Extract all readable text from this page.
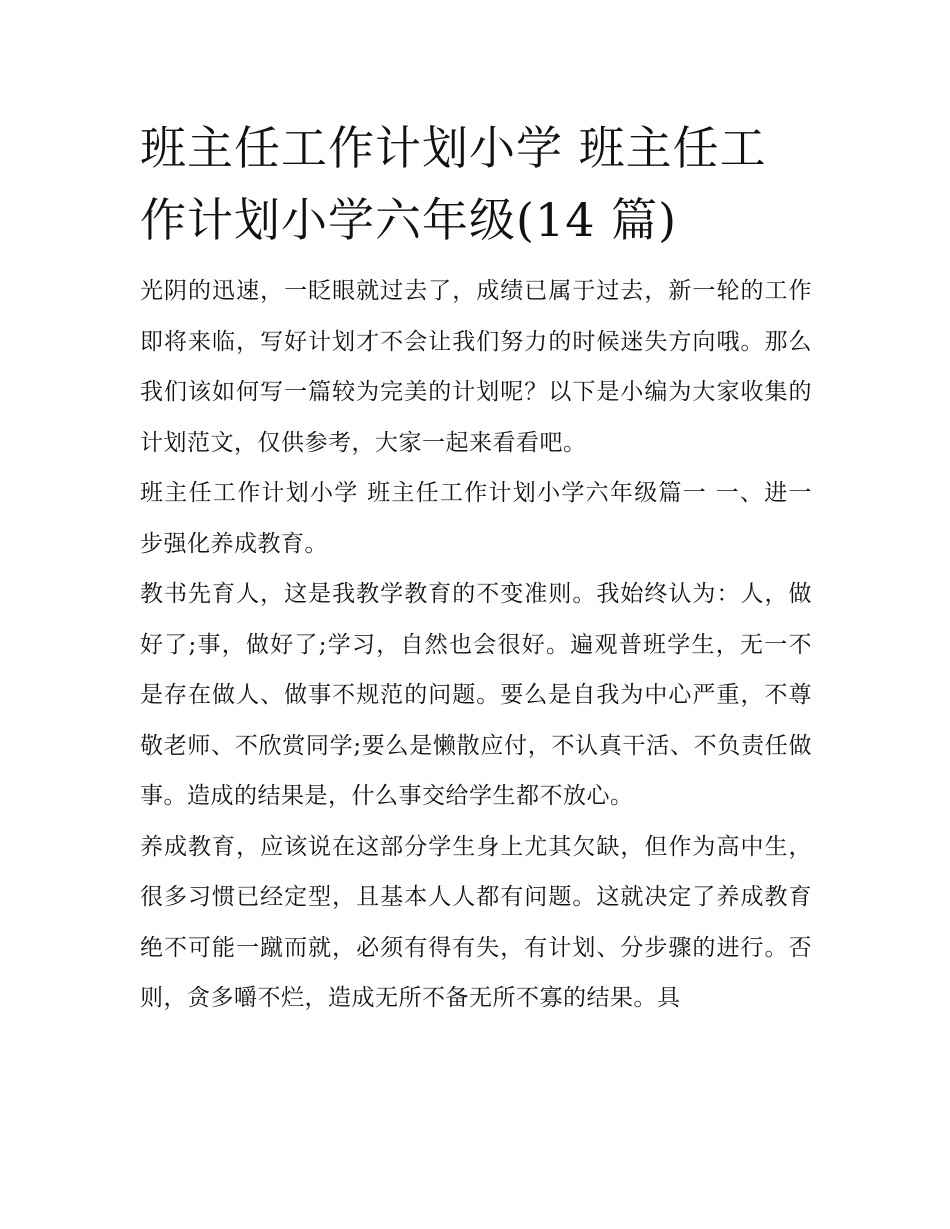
班主任工作计划小学 班主任工作计划小学六年级(14 篇)

光阴的迅速，一眨眼就过去了，成绩已属于过去，新一轮的工作即将来临，写好计划才不会让我们努力的时候迷失方向哦。那么我们该如何写一篇较为完美的计划呢？以下是小编为大家收集的计划范文，仅供参考，大家一起来看看吧。

班主任工作计划小学 班主任工作计划小学六年级篇一 一、进一步强化养成教育。

教书先育人，这是我教学教育的不变准则。我始终认为：人，做好了;事，做好了;学习，自然也会很好。遍观普班学生，无一不是存在做人、做事不规范的问题。要么是自我为中心严重，不尊敬老师、不欣赏同学;要么是懒散应付，不认真干活、不负责任做事。造成的结果是，什么事交给学生都不放心。

养成教育，应该说在这部分学生身上尤其欠缺，但作为高中生，很多习惯已经定型，且基本人人都有问题。这就决定了养成教育绝不可能一蹴而就，必须有得有失，有计划、分步骤的进行。否则，贪多嚼不烂，造成无所不备无所不寡的结果。具
